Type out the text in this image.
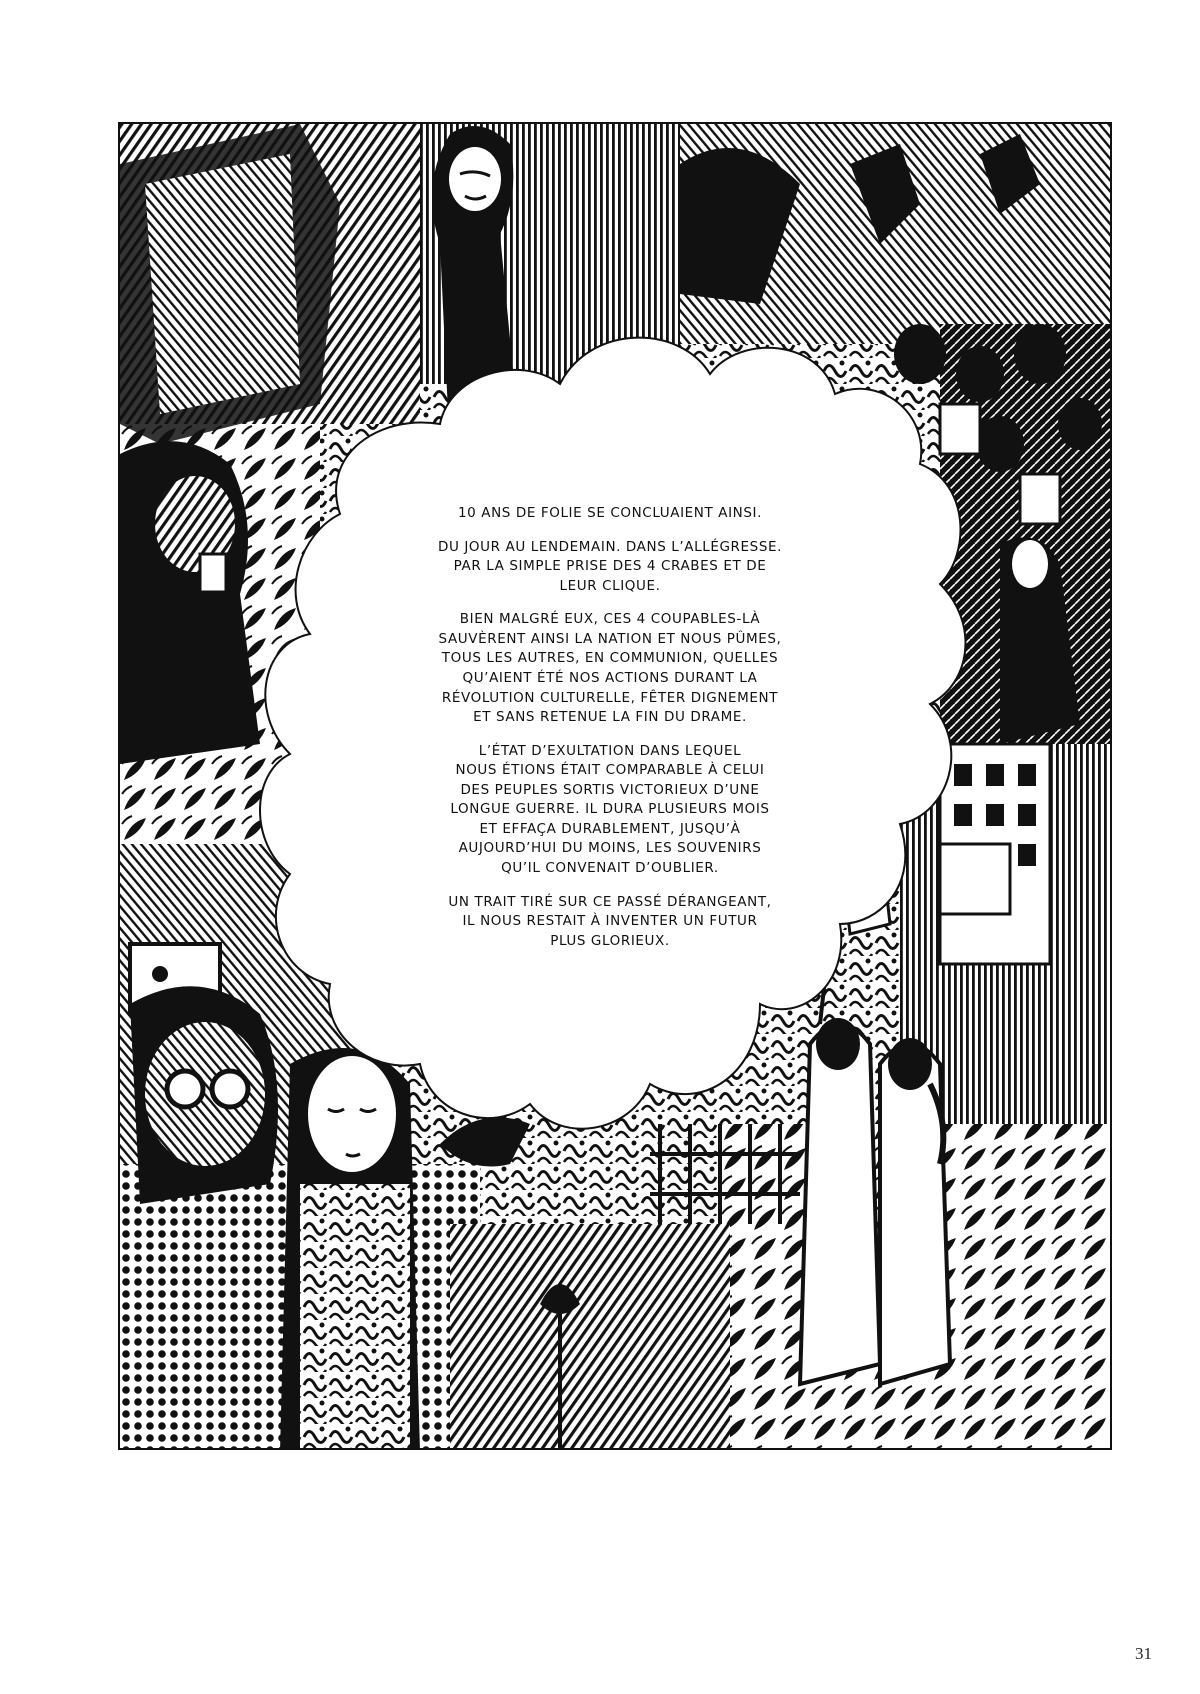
10 ANS DE FOLIE SE CONCLUAIENT AINSI.

DU JOUR AU LENDEMAIN. DANS L’ALLÉGRESSE.
PAR LA SIMPLE PRISE DES 4 CRABES ET DE
LEUR CLIQUE.

BIEN MALGRÉ EUX, CES 4 COUPABLES-LÀ
SAUVÈRENT AINSI LA NATION ET NOUS PÛMES,
TOUS LES AUTRES, EN COMMUNION, QUELLES
QU’AIENT ÉTÉ NOS ACTIONS DURANT LA
RÉVOLUTION CULTURELLE, FÊTER DIGNEMENT
ET SANS RETENUE LA FIN DU DRAME.

L’ÉTAT D’EXULTATION DANS LEQUEL
NOUS ÉTIONS ÉTAIT COMPARABLE À CELUI
DES PEUPLES SORTIS VICTORIEUX D’UNE
LONGUE GUERRE. IL DURA PLUSIEURS MOIS
ET EFFAÇA DURABLEMENT, JUSQU’À
AUJOURD’HUI DU MOINS, LES SOUVENIRS
QU’IL CONVENAIT D’OUBLIER.

UN TRAIT TIRÉ SUR CE PASSÉ DÉRANGEANT,
IL NOUS RESTAIT À INVENTER UN FUTUR
PLUS GLORIEUX.

31
